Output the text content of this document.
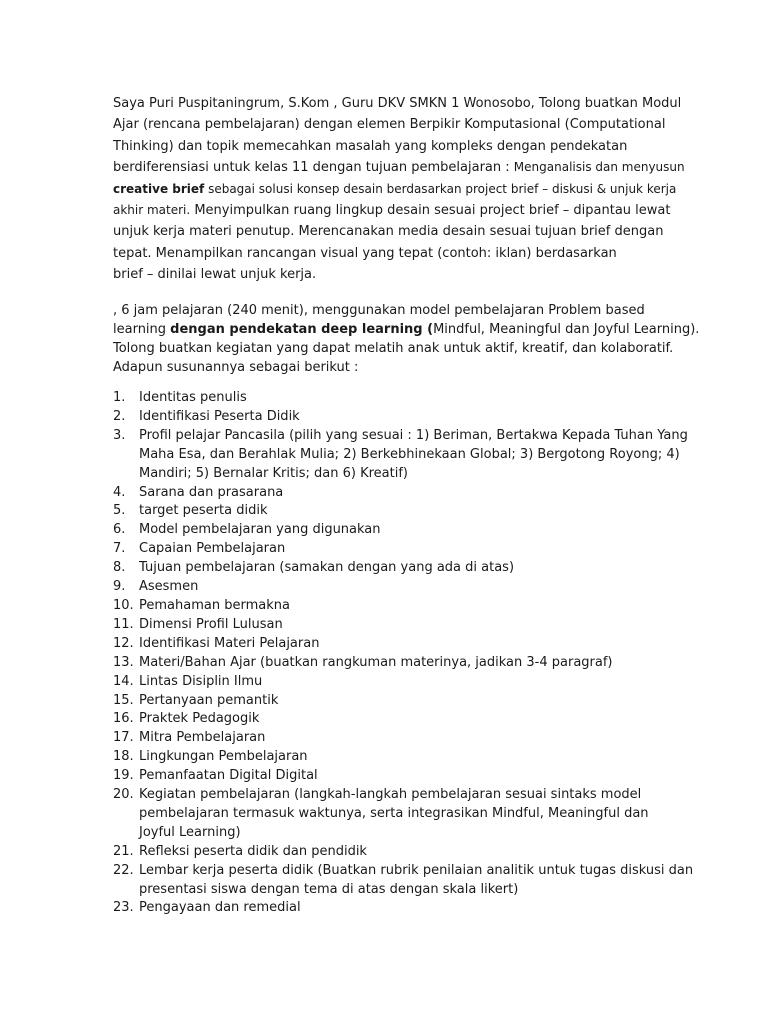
Saya Puri Puspitaningrum, S.Kom , Guru DKV SMKN 1 Wonosobo, Tolong buatkan Modul
Ajar (rencana pembelajaran) dengan elemen Berpikir Komputasional (Computational
Thinking) dan topik memecahkan masalah yang kompleks dengan pendekatan
berdiferensiasi untuk kelas 11 dengan tujuan pembelajaran : Menganalisis dan menyusun
creative brief sebagai solusi konsep desain berdasarkan project brief – diskusi & unjuk kerja
akhir materi. Menyimpulkan ruang lingkup desain sesuai project brief – dipantau lewat
unjuk kerja materi penutup. Merencanakan media desain sesuai tujuan brief dengan
tepat. Menampilkan rancangan visual yang tepat (contoh: iklan) berdasarkan
brief – dinilai lewat unjuk kerja.
, 6 jam pelajaran (240 menit), menggunakan model pembelajaran Problem based
learning dengan pendekatan deep learning (Mindful, Meaningful dan Joyful Learning).
Tolong buatkan kegiatan yang dapat melatih anak untuk aktif, kreatif, dan kolaboratif.
Adapun susunannya sebagai berikut :
1.	Identitas penulis
2.	Identifikasi Peserta Didik
3.	Profil pelajar Pancasila (pilih yang sesuai : 1) Beriman, Bertakwa Kepada Tuhan Yang
Maha Esa, dan Berahlak Mulia; 2) Berkebhinekaan Global; 3) Bergotong Royong; 4)
Mandiri; 5) Bernalar Kritis; dan 6) Kreatif)
4.	Sarana dan prasarana
5.	target peserta didik
6.	Model pembelajaran yang digunakan
7.	Capaian Pembelajaran
8.	Tujuan pembelajaran (samakan dengan yang ada di atas)
9.	Asesmen
10. Pemahaman bermakna
11. Dimensi Profil Lulusan
12. Identifikasi Materi Pelajaran
13. Materi/Bahan Ajar (buatkan rangkuman materinya, jadikan 3-4 paragraf)
14. Lintas Disiplin Ilmu
15. Pertanyaan pemantik
16. Praktek Pedagogik
17. Mitra Pembelajaran
18. Lingkungan Pembelajaran
19. Pemanfaatan Digital Digital
20. Kegiatan pembelajaran (langkah-langkah pembelajaran sesuai sintaks model
pembelajaran termasuk waktunya, serta integrasikan Mindful, Meaningful dan
Joyful Learning)
21. Refleksi peserta didik dan pendidik
22. Lembar kerja peserta didik (Buatkan rubrik penilaian analitik untuk tugas diskusi dan
presentasi siswa dengan tema di atas dengan skala likert)
23. Pengayaan dan remedial
